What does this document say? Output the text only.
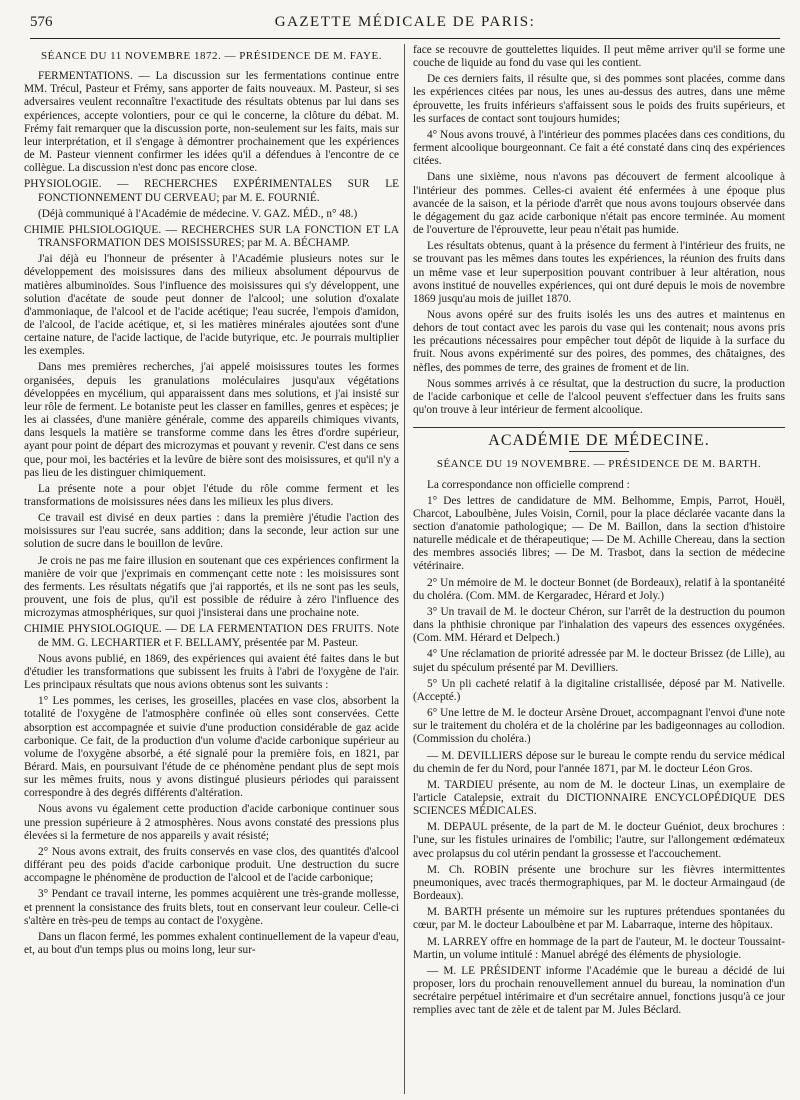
576	GAZETTE MÉDICALE DE PARIS:

SÉANCE DU 11 NOVEMBRE 1872. — PRÉSIDENCE DE M. FAYE.

FERMENTATIONS. — La discussion sur les fermentations continue entre MM. Trécul, Pasteur et Frémy, sans apporter de faits nouveaux. M. Pasteur, si ses adversaires veulent reconnaître l'exactitude des résultats obtenus par lui dans ses expériences, accepte volontiers, pour ce qui le concerne, la clôture du débat. M. Frémy fait remarquer que la discussion porte, non-seulement sur les faits, mais sur leur interprétation, et il s'engage à démontrer prochainement que les expériences de M. Pasteur viennent confirmer les idées qu'il a défendues à l'encontre de ce collègue. La discussion n'est donc pas encore close.

PHYSIOLOGIE. — RECHERCHES EXPÉRIMENTALES SUR LE FONCTIONNEMENT DU CERVEAU; par M. E. FOURNIÉ.

(Déjà communiqué à l'Académie de médecine. V. GAZ. MÉD., n° 48.)

CHIMIE PHLSIOLOGIQUE. — RECHERCHES SUR LA FONCTION ET LA TRANSFORMATION DES MOISISSURES; par M. A. BÉCHAMP.

J'ai déjà eu l'honneur de présenter à l'Académie plusieurs notes sur le développement des moisissures dans des milieux absolument dépourvus de matières albuminoïdes. Sous l'influence des moisissures qui s'y développent, une solution d'acétate de soude peut donner de l'alcool; une solution d'oxalate d'ammoniaque, de l'alcool et de l'acide acétique; l'eau sucrée, l'empois d'amidon, de l'alcool, de l'acide acétique, et, si les matières minérales ajoutées sont d'une certaine nature, de l'acide lactique, de l'acide butyrique, etc. Je pourrais multiplier les exemples.

Dans mes premières recherches, j'ai appelé moisissures toutes les formes organisées, depuis les granulations moléculaires jusqu'aux végétations développées en mycélium, qui apparaissent dans mes solutions, et j'ai insisté sur leur rôle de ferment. Le botaniste peut les classer en familles, genres et espèces; je les ai classées, d'une manière générale, comme des appareils chimiques vivants, dans lesquels la matière se transforme comme dans les êtres d'ordre supérieur, ayant pour point de départ des microzymas et pouvant y revenir. C'est dans ce sens que, pour moi, les bactéries et la levûre de bière sont des moisissures, et qu'il n'y a pas lieu de les distinguer chimiquement.

La présente note a pour objet l'étude du rôle comme ferment et les transformations de moisissures nées dans les milieux les plus divers.

Ce travail est divisé en deux parties : dans la première j'étudie l'action des moisissures sur l'eau sucrée, sans addition; dans la seconde, leur action sur une solution de sucre dans le bouillon de levûre.

Je crois ne pas me faire illusion en soutenant que ces expériences confirment la manière de voir que j'exprimais en commençant cette note : les moisissures sont des ferments. Les résultats négatifs que j'ai rapportés, et ils ne sont pas les seuls, prouvent, une fois de plus, qu'il est possible de réduire à zéro l'influence des microzymas atmosphériques, sur quoi j'insisterai dans une prochaine note.

CHIMIE PHYSIOLOGIQUE. — DE LA FERMENTATION DES FRUITS. Note de MM. G. LECHARTIER et F. BELLAMY, présentée par M. Pasteur.

Nous avons publié, en 1869, des expériences qui avaient été faites dans le but d'étudier les transformations que subissent les fruits à l'abri de l'oxygène de l'air. Les principaux résultats que nous avions obtenus sont les suivants :

1° Les pommes, les cerises, les groseilles, placées en vase clos, absorbent la totalité de l'oxygène de l'atmosphère confinée où elles sont conservées. Cette absorption est accompagnée et suivie d'une production considérable de gaz acide carbonique. Ce fait, de la production d'un volume d'acide carbonique supérieur au volume de l'oxygène absorbé, a été signalé pour la première fois, en 1821, par Bérard. Mais, en poursuivant l'étude de ce phénomène pendant plus de sept mois sur les mêmes fruits, nous y avons distingué plusieurs périodes qui paraissent correspondre à des degrés différents d'altération.

Nous avons vu également cette production d'acide carbonique continuer sous une pression supérieure à 2 atmosphères. Nous avons constaté des pressions plus élevées si la fermeture de nos appareils y avait résisté;

2° Nous avons extrait, des fruits conservés en vase clos, des quantités d'alcool différant peu des poids d'acide carbonique produit. Une destruction du sucre accompagne le phénomène de production de l'alcool et de l'acide carbonique;

3° Pendant ce travail interne, les pommes acquièrent une très-grande mollesse, et prennent la consistance des fruits blets, tout en conservant leur couleur. Celle-ci s'altère en très-peu de temps au contact de l'oxygène.

Dans un flacon fermé, les pommes exhalent continuellement de la vapeur d'eau, et, au bout d'un temps plus ou moins long, leur sur-

face se recouvre de gouttelettes liquides. Il peut même arriver qu'il se forme une couche de liquide au fond du vase qui les contient.

De ces derniers faits, il résulte que, si des pommes sont placées, comme dans les expériences citées par nous, les unes au-dessus des autres, dans une même éprouvette, les fruits inférieurs s'affaissent sous le poids des fruits supérieurs, et les surfaces de contact sont toujours humides;

4° Nous avons trouvé, à l'intérieur des pommes placées dans ces conditions, du ferment alcoolique bourgeonnant. Ce fait a été constaté dans cinq des expériences citées.

Dans une sixième, nous n'avons pas découvert de ferment alcoolique à l'intérieur des pommes. Celles-ci avaient été enfermées à une époque plus avancée de la saison, et la période d'arrêt que nous avons toujours observée dans le dégagement du gaz acide carbonique n'était pas encore terminée. Au moment de l'ouverture de l'éprouvette, leur peau n'était pas humide.

Les résultats obtenus, quant à la présence du ferment à l'intérieur des fruits, ne se trouvant pas les mêmes dans toutes les expériences, la réunion des fruits dans un même vase et leur superposition pouvant contribuer à leur altération, nous avons institué de nouvelles expériences, qui ont duré depuis le mois de novembre 1869 jusqu'au mois de juillet 1870.

Nous avons opéré sur des fruits isolés les uns des autres et maintenus en dehors de tout contact avec les parois du vase qui les contenait; nous avons pris les précautions nécessaires pour empêcher tout dépôt de liquide à la surface du fruit. Nous avons expérimenté sur des poires, des pommes, des châtaignes, des nèfles, des pommes de terre, des graines de froment et de lin.

Nous sommes arrivés à ce résultat, que la destruction du sucre, la production de l'acide carbonique et celle de l'alcool peuvent s'effectuer dans les fruits sans qu'on trouve à leur intérieur de ferment alcoolique.

ACADÉMIE DE MÉDECINE.

SÉANCE DU 19 NOVEMBRE. — PRÉSIDENCE DE M. BARTH.

La correspondance non officielle comprend :

1° Des lettres de candidature de MM. Belhomme, Empis, Parrot, Houël, Charcot, Laboulbène, Jules Voisin, Cornil, pour la place déclarée vacante dans la section d'anatomie pathologique; — De M. Baillon, dans la section d'histoire naturelle médicale et de thérapeutique; — De M. Achille Chereau, dans la section des membres associés libres; — De M. Trasbot, dans la section de médecine vétérinaire.

2° Un mémoire de M. le docteur Bonnet (de Bordeaux), relatif à la spontanéité du choléra. (Com. MM. de Kergaradec, Hérard et Joly.)

3° Un travail de M. le docteur Chéron, sur l'arrêt de la destruction du poumon dans la phthisie chronique par l'inhalation des vapeurs des essences oxygénées. (Com. MM. Hérard et Delpech.)

4° Une réclamation de priorité adressée par M. le docteur Brissez (de Lille), au sujet du spéculum présenté par M. Devilliers.

5° Un pli cacheté relatif à la digitaline cristallisée, déposé par M. Nativelle. (Accepté.)

6° Une lettre de M. le docteur Arsène Drouet, accompagnant l'envoi d'une note sur le traitement du choléra et de la cholérine par les badigeonnages au collodion. (Commission du choléra.)

— M. DEVILLIERS dépose sur le bureau le compte rendu du service médical du chemin de fer du Nord, pour l'année 1871, par M. le docteur Léon Gros.

M. TARDIEU présente, au nom de M. le docteur Linas, un exemplaire de l'article Catalepsie, extrait du DICTIONNAIRE ENCYCLOPÉDIQUE DES SCIENCES MÉDICALES.

M. DEPAUL présente, de la part de M. le docteur Guéniot, deux brochures : l'une, sur les fistules urinaires de l'ombilic; l'autre, sur l'allongement œdémateux avec prolapsus du col utérin pendant la grossesse et l'accouchement.

M. Ch. ROBIN présente une brochure sur les fièvres intermittentes pneumoniques, avec tracés thermographiques, par M. le docteur Armaingaud (de Bordeaux).

M. BARTH présente un mémoire sur les ruptures prétendues spontanées du cœur, par M. le docteur Laboulbène et par M. Labarraque, interne des hôpitaux.

M. LARREY offre en hommage de la part de l'auteur, M. le docteur Toussaint-Martin, un volume intitulé : Manuel abrégé des éléments de physiologie.

— M. LE PRÉSIDENT informe l'Académie que le bureau a décidé de lui proposer, lors du prochain renouvellement annuel du bureau, la nomination d'un secrétaire perpétuel intérimaire et d'un secrétaire annuel, fonctions jusqu'à ce jour remplies avec tant de zèle et de talent par M. Jules Béclard.
